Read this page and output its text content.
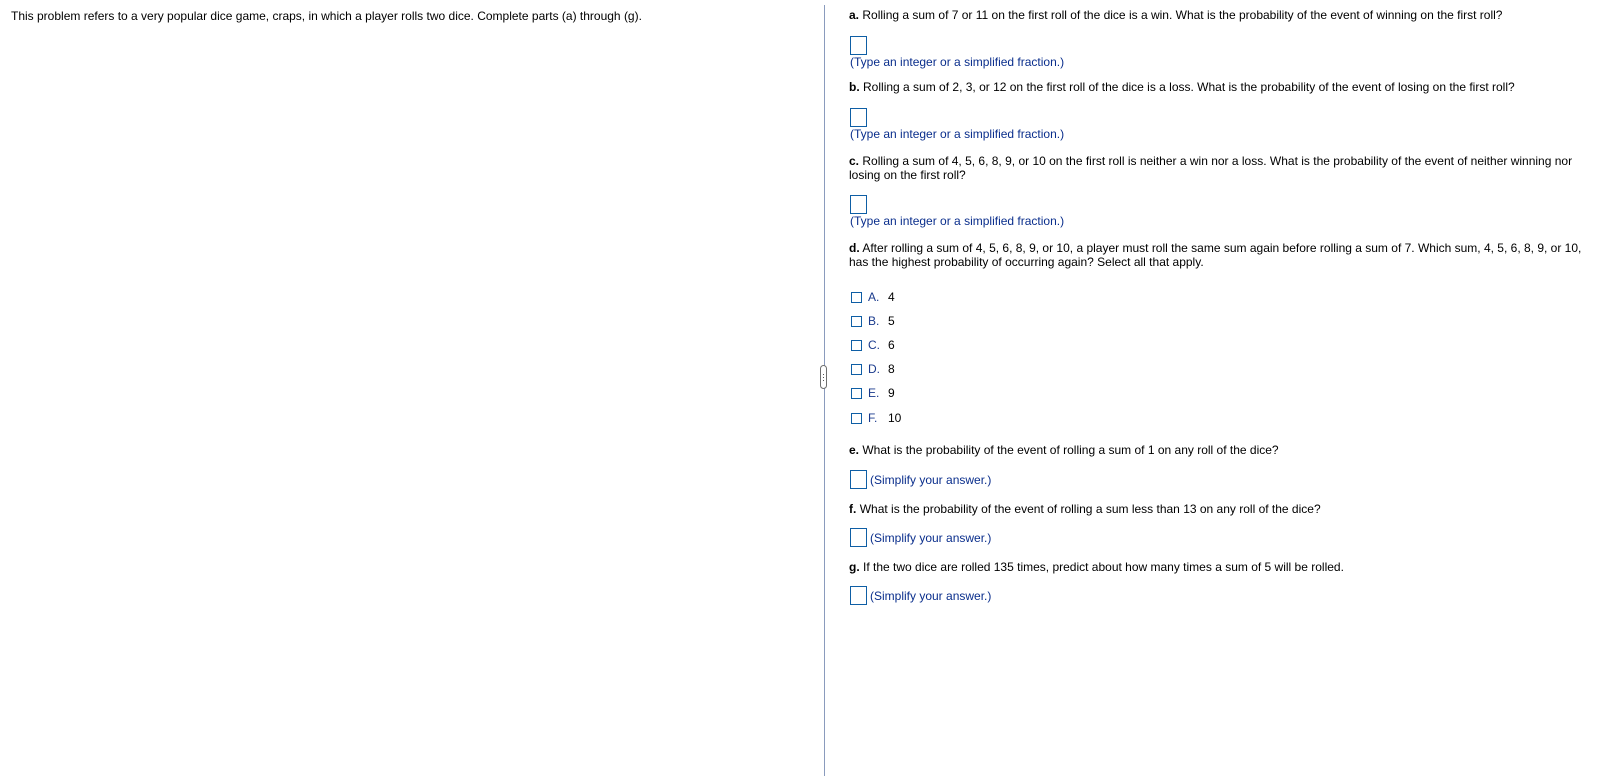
This problem refers to a very popular dice game, craps, in which a player rolls two dice. Complete parts (a) through (g).	a. Rolling a sum of 7 or 11 on the first roll of the dice is a win. What is the probability of the event of winning on the first roll?
(Type an integer or a simplified fraction.)
b. Rolling a sum of 2, 3, or 12 on the first roll of the dice is a loss. What is the probability of the event of losing on the first roll?
(Type an integer or a simplified fraction.)
c. Rolling a sum of 4, 5, 6, 8, 9, or 10 on the first roll is neither a win nor a loss. What is the probability of the event of neither winning nor losing on the first roll?
(Type an integer or a simplified fraction.)
d. After rolling a sum of 4, 5, 6, 8, 9, or 10, a player must roll the same sum again before rolling a sum of 7. Which sum, 4, 5, 6, 8, 9, or 10, has the highest probability of occurring again? Select all that apply.
A. 4
B. 5
C. 6
D. 8
E. 9
F. 10
e. What is the probability of the event of rolling a sum of 1 on any roll of the dice?
(Simplify your answer.)
f. What is the probability of the event of rolling a sum less than 13 on any roll of the dice?
(Simplify your answer.)
g. If the two dice are rolled 135 times, predict about how many times a sum of 5 will be rolled.
(Simplify your answer.)
